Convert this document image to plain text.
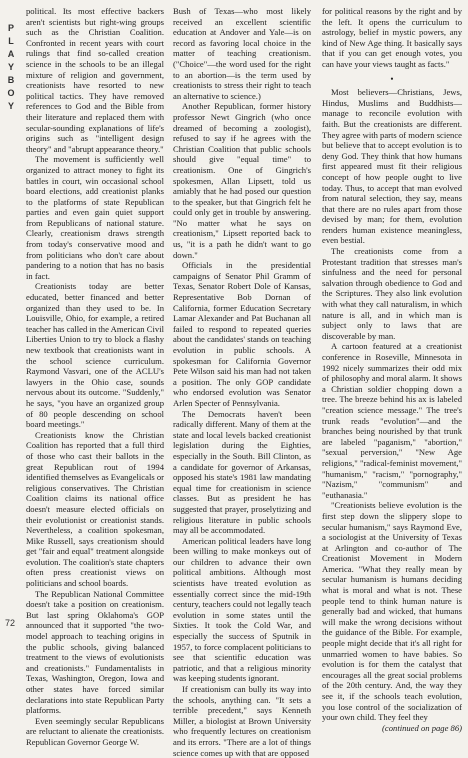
P
L
A
Y
B
O
Y

political. Its most effective backers aren't scientists but right-wing groups such as the Christian Coalition. Confronted in recent years with court rulings that find so-called creation science in the schools to be an illegal mixture of religion and government, creationists have resorted to new political tactics. They have removed references to God and the Bible from their literature and replaced them with secular-sounding explanations of life's origins such as "intelligent design theory" and "abrupt appearance theory."

The movement is sufficiently well organized to attract money to fight its battles in court, win occasional school board elections, add creationist planks to the platforms of state Republican parties and even gain quiet support from Republicans of national stature. Clearly, creationism draws strength from today's conservative mood and from politicians who don't care about pandering to a notion that has no basis in fact.

Creationists today are better educated, better financed and better organized than they used to be. In Louisville, Ohio, for example, a retired teacher has called in the American Civil Liberties Union to try to block a flashy new textbook that creationists want in the school science curriculum. Raymond Vasvari, one of the ACLU's lawyers in the Ohio case, sounds nervous about its outcome. "Suddenly," he says, "you have an organized group of 80 people descending on school board meetings."

Creationists know the Christian Coalition has reported that a full third of those who cast their ballots in the great Republican rout of 1994 identified themselves as Evangelicals or religious conservatives. The Christian Coalition claims its national office doesn't measure elected officials on their evolutionist or creationist stands. Nevertheless, a coalition spokesman, Mike Russell, says creationism should get "fair and equal" treatment alongside evolution. The coalition's state chapters often press creationist views on politicians and school boards.

The Republican National Committee doesn't take a position on creationism. But last spring Oklahoma's GOP announced that it supported "the two-model approach to teaching origins in the public schools, giving balanced treatment to the views of evolutionists and creationists." Fundamentalists in Texas, Washington, Oregon, Iowa and other states have forced similar declarations into state Republican Party platforms.

Even seemingly secular Republicans are reluctant to alienate the creationists. Republican Governor George W.

Bush of Texas—who most likely received an excellent scientific education at Andover and Yale—is on record as favoring local choice in the matter of teaching creationism. ("Choice"—the word used for the right to an abortion—is the term used by creationists to stress their right to teach an alternative to science.)

Another Republican, former history professor Newt Gingrich (who once dreamed of becoming a zoologist), refused to say if he agrees with the Christian Coalition that public schools should give "equal time" to creationism. One of Gingrich's spokesmen, Allan Lipsett, told us amiably that he had posed our question to the speaker, but that Gingrich felt he could only get in trouble by answering. "No matter what he says on creationism," Lipsett reported back to us, "it is a path he didn't want to go down."

Officials in the presidential campaigns of Senator Phil Gramm of Texas, Senator Robert Dole of Kansas, Representative Bob Dornan of California, former Education Secretary Lamar Alexander and Pat Buchanan all failed to respond to repeated queries about the candidates' stands on teaching evolution in public schools. A spokesman for California Governor Pete Wilson said his man had not taken a position. The only GOP candidate who endorsed evolution was Senator Arlen Specter of Pennsylvania.

The Democrats haven't been radically different. Many of them at the state and local levels backed creationist legislation during the Eighties, especially in the South. Bill Clinton, as a candidate for governor of Arkansas, opposed his state's 1981 law mandating equal time for creationism in science classes. But as president he has suggested that prayer, proselytizing and religious literature in public schools may all be accommodated.

American political leaders have long been willing to make monkeys out of our children to advance their own political ambitions. Although most scientists have treated evolution as essentially correct since the mid-19th century, teachers could not legally teach evolution in some states until the Sixties. It took the Cold War, and especially the success of Sputnik in 1957, to force complacent politicians to see that scientific education was patriotic, and that a religious minority was keeping students ignorant.

If creationism can bully its way into the schools, anything can. "It sets a terrible precedent," says Kenneth Miller, a biologist at Brown University who frequently lectures on creationism and its errors. "There are a lot of things science comes up with that are opposed

for political reasons by the right and by the left. It opens the curriculum to astrology, belief in mystic powers, any kind of New Age thing. It basically says that if you can get enough votes, you can have your views taught as facts."

•

Most believers—Christians, Jews, Hindus, Muslims and Buddhists—manage to reconcile evolution with faith. But the creationists are different. They agree with parts of modern science but believe that to accept evolution is to deny God. They think that how humans first appeared must fit their religious concept of how people ought to live today. Thus, to accept that man evolved from natural selection, they say, means that there are no rules apart from those devised by man; for them, evolution renders human existence meaningless, even bestial.

The creationists come from a Protestant tradition that stresses man's sinfulness and the need for personal salvation through obedience to God and the Scriptures. They also link evolution with what they call naturalism, in which nature is all, and in which man is subject only to laws that are discoverable by man.

A cartoon featured at a creationist conference in Roseville, Minnesota in 1992 nicely summarizes their odd mix of philosophy and moral alarm. It shows a Christian soldier chopping down a tree. The breeze behind his ax is labeled "creation science message." The tree's trunk reads "evolution"—and the branches being nourished by that trunk are labeled "paganism," "abortion," "sexual perversion," "New Age religions," "radical-feminist movement," "humanism," "racism," "pornography," "Nazism," "communism" and "euthanasia."

"Creationists believe evolution is the first step down the slippery slope to secular humanism," says Raymond Eve, a sociologist at the University of Texas at Arlington and co-author of The Creationist Movement in Modern America. "What they really mean by secular humanism is humans deciding what is moral and what is not. These people tend to think human nature is generally bad and wicked, that humans will make the wrong decisions without the guidance of the Bible. For example, people might decide that it's all right for unmarried women to have babies. So evolution is for them the catalyst that encourages all the great social problems of the 20th century. And, the way they see it, if the schools teach evolution, you lose control of the socialization of your own child. They feel they

(continued on page 86)

72
